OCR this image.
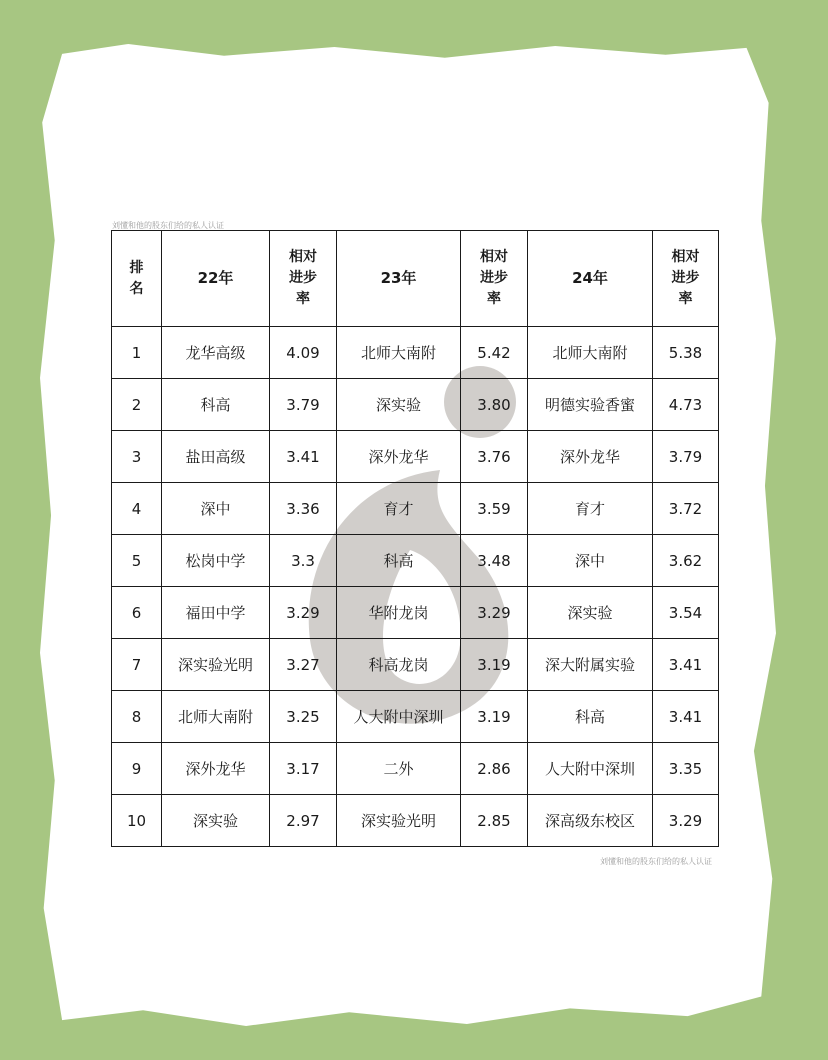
刘懂和他的股东们给的私人认证
排
名	22年	相对
进步
率	23年	相对
进步
率	24年	相对
进步
率
1	龙华高级	4.09	北师大南附	5.42	北师大南附	5.38
2	科高	3.79	深实验	3.80	明德实验香蜜	4.73
3	盐田高级	3.41	深外龙华	3.76	深外龙华	3.79
4	深中	3.36	育才	3.59	育才	3.72
5	松岗中学	3.3	科高	3.48	深中	3.62
6	福田中学	3.29	华附龙岗	3.29	深实验	3.54
7	深实验光明	3.27	科高龙岗	3.19	深大附属实验	3.41
8	北师大南附	3.25	人大附中深圳	3.19	科高	3.41
9	深外龙华	3.17	二外	2.86	人大附中深圳	3.35
10	深实验	2.97	深实验光明	2.85	深高级东校区	3.29
刘懂和他的股东们给的私人认证
